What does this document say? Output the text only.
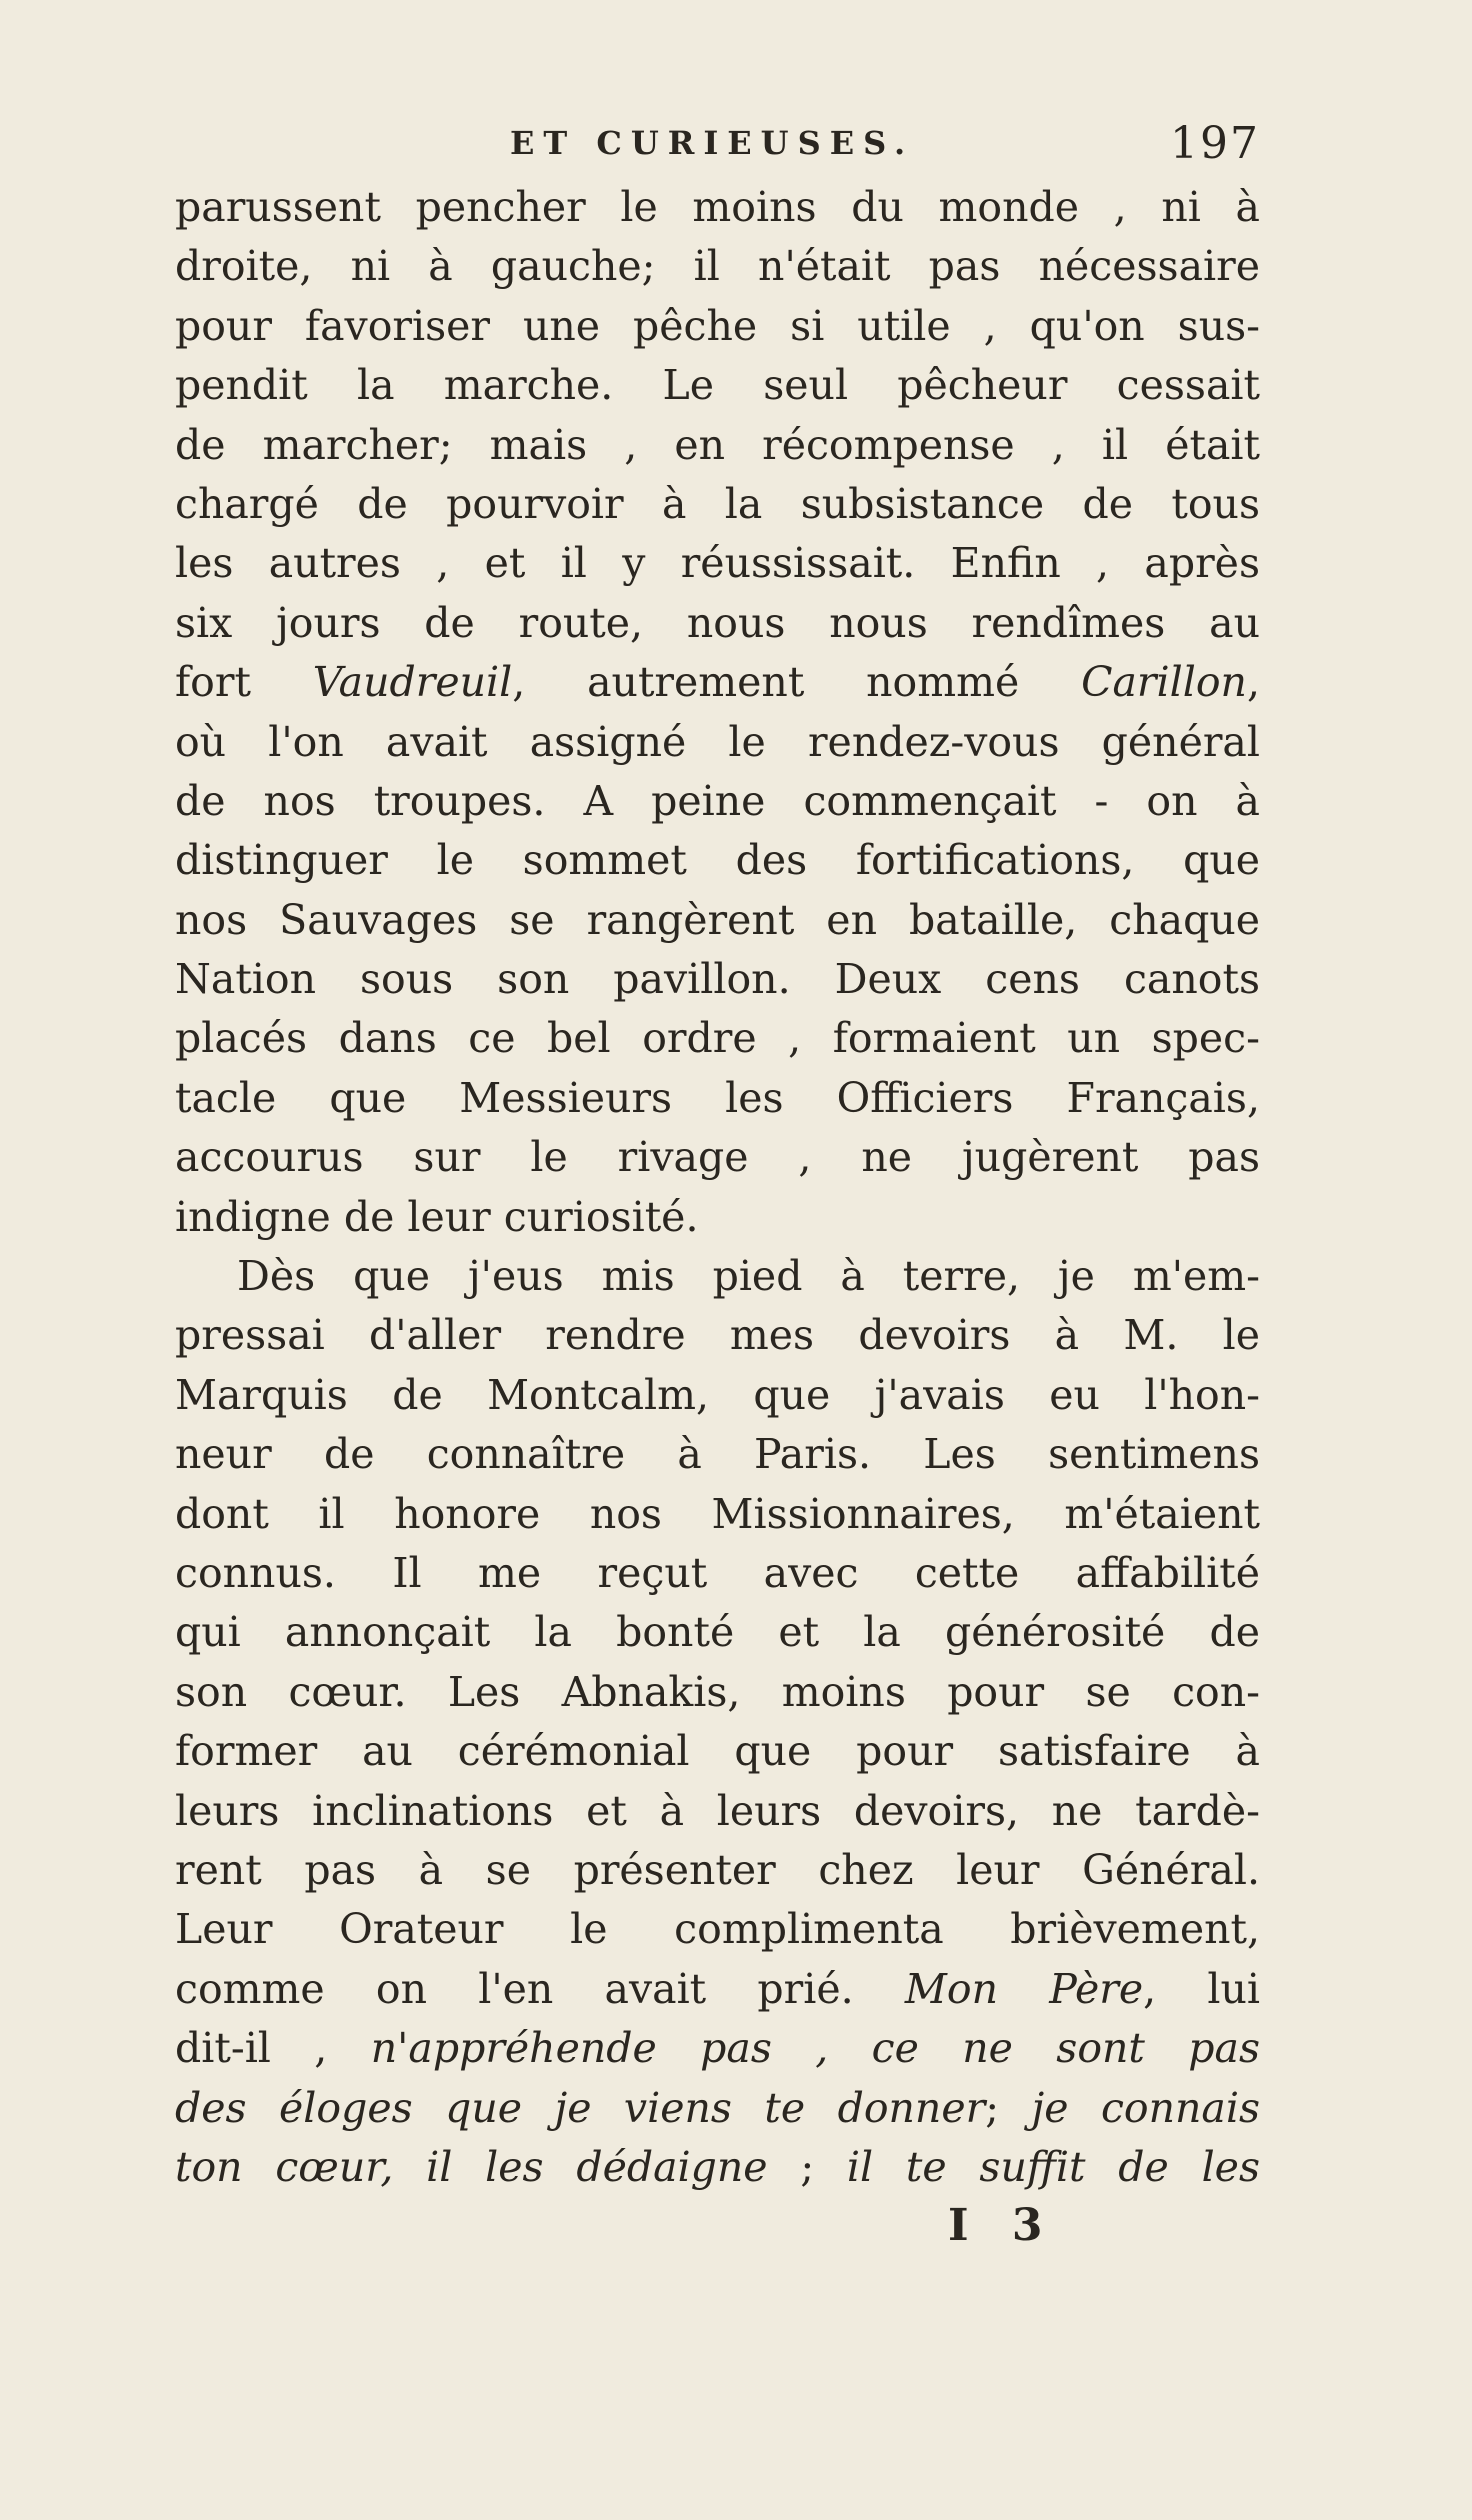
ET CURIEUSES.	197
parussent pencher le moins du monde , ni à
droite, ni à gauche; il n'était pas nécessaire
pour favoriser une pêche si utile , qu'on sus-
pendit la marche. Le seul pêcheur cessait
de marcher; mais , en récompense , il était
chargé de pourvoir à la subsistance de tous
les autres , et il y réussissait. Enfin , après
six jours de route, nous nous rendîmes au
fort Vaudreuil, autrement nommé Carillon,
où l'on avait assigné le rendez-vous général
de nos troupes. A peine commençait - on à
distinguer le sommet des fortifications, que
nos Sauvages se rangèrent en bataille, chaque
Nation sous son pavillon. Deux cens canots
placés dans ce bel ordre , formaient un spec-
tacle que Messieurs les Officiers Français,
accourus sur le rivage , ne jugèrent pas
indigne de leur curiosité.
Dès que j'eus mis pied à terre, je m'em-
pressai d'aller rendre mes devoirs à M. le
Marquis de Montcalm, que j'avais eu l'hon-
neur de connaître à Paris. Les sentimens
dont il honore nos Missionnaires, m'étaient
connus. Il me reçut avec cette affabilité
qui annonçait la bonté et la générosité de
son cœur. Les Abnakis, moins pour se con-
former au cérémonial que pour satisfaire à
leurs inclinations et à leurs devoirs, ne tardè-
rent pas à se présenter chez leur Général.
Leur Orateur le complimenta brièvement,
comme on l'en avait prié. Mon Père, lui
dit-il , n'appréhende pas , ce ne sont pas
des éloges que je viens te donner; je connais
ton cœur, il les dédaigne ; il te suffit de les
I 3
